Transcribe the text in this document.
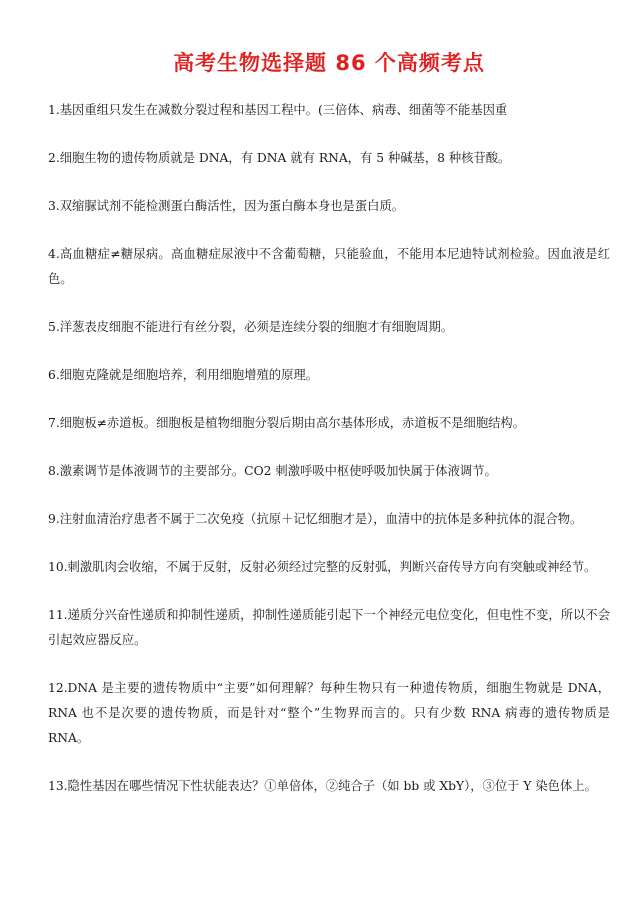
高考生物选择题 86 个高频考点

1.基因重组只发生在减数分裂过程和基因工程中。(三倍体、病毒、细菌等不能基因重

2.细胞生物的遗传物质就是 DNA，有 DNA 就有 RNA，有 5 种碱基，8 种核苷酸。

3.双缩脲试剂不能检测蛋白酶活性，因为蛋白酶本身也是蛋白质。

4.高血糖症≠糖尿病。高血糖症尿液中不含葡萄糖，只能验血，不能用本尼迪特试剂检验。因血液是红色。

5.洋葱表皮细胞不能进行有丝分裂，必须是连续分裂的细胞才有细胞周期。

6.细胞克隆就是细胞培养，利用细胞增殖的原理。

7.细胞板≠赤道板。细胞板是植物细胞分裂后期由高尔基体形成，赤道板不是细胞结构。

8.激素调节是体液调节的主要部分。CO2 刺激呼吸中枢使呼吸加快属于体液调节。

9.注射血清治疗患者不属于二次免疫（抗原＋记忆细胞才是），血清中的抗体是多种抗体的混合物。

10.刺激肌肉会收缩，不属于反射，反射必须经过完整的反射弧，判断兴奋传导方向有突触或神经节。

11.递质分兴奋性递质和抑制性递质，抑制性递质能引起下一个神经元电位变化，但电性不变，所以不会引起效应器反应。

12.DNA 是主要的遗传物质中“主要”如何理解？每种生物只有一种遗传物质，细胞生物就是 DNA，RNA 也不是次要的遗传物质，而是针对“整个”生物界而言的。只有少数 RNA 病毒的遗传物质是 RNA。

13.隐性基因在哪些情况下性状能表达？①单倍体，②纯合子（如 bb 或 XbY），③位于 Y 染色体上。
